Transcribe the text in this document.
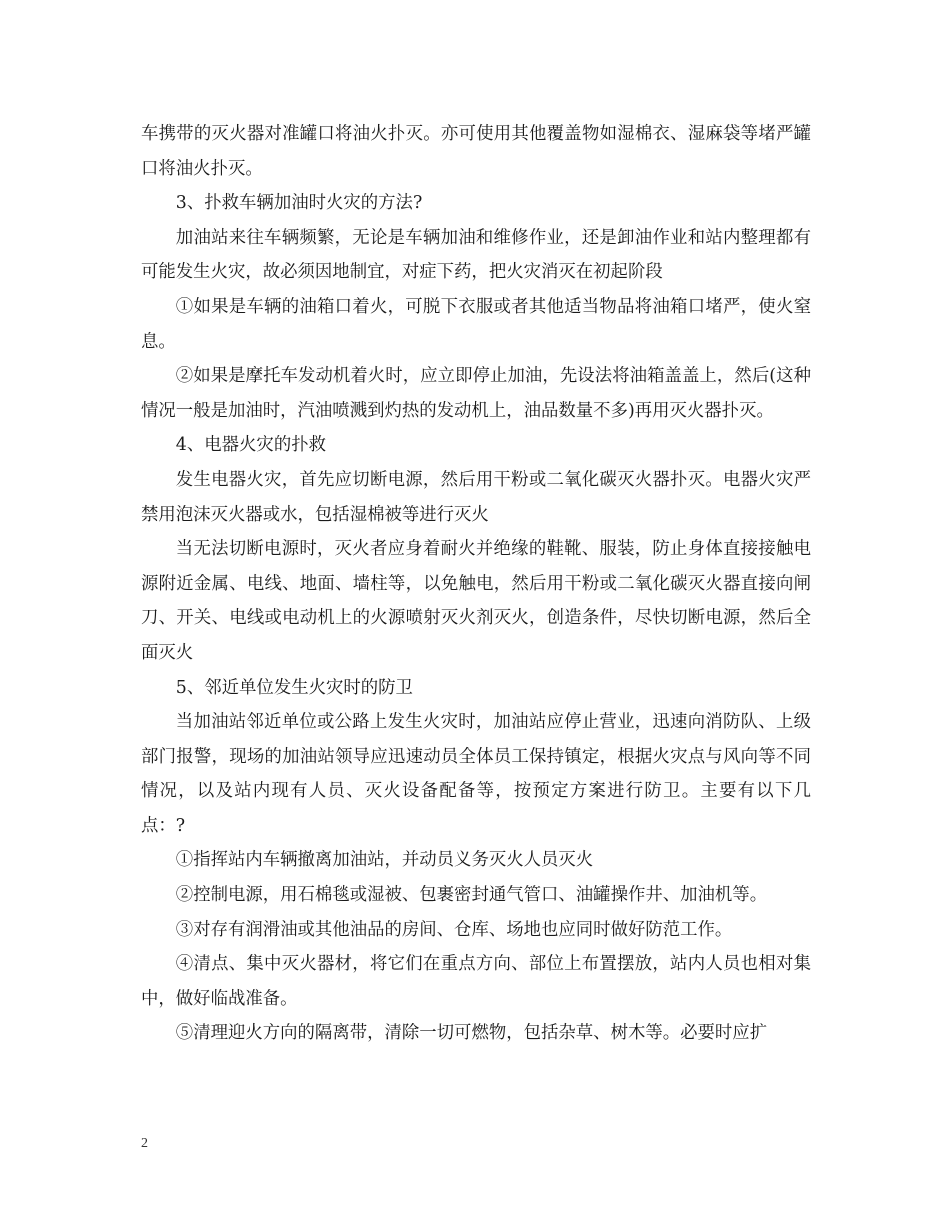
车携带的灭火器对准罐口将油火扑灭。亦可使用其他覆盖物如湿棉衣、湿麻袋等堵严罐口将油火扑灭。

3、扑救车辆加油时火灾的方法?

加油站来往车辆频繁，无论是车辆加油和维修作业，还是卸油作业和站内整理都有可能发生火灾，故必须因地制宜，对症下药，把火灾消灭在初起阶段

①如果是车辆的油箱口着火，可脱下衣服或者其他适当物品将油箱口堵严，使火窒息。

②如果是摩托车发动机着火时，应立即停止加油，先设法将油箱盖盖上，然后(这种情况一般是加油时，汽油喷溅到灼热的发动机上，油品数量不多)再用灭火器扑灭。

4、电器火灾的扑救

发生电器火灾，首先应切断电源，然后用干粉或二氧化碳灭火器扑灭。电器火灾严禁用泡沫灭火器或水，包括湿棉被等进行灭火

当无法切断电源时，灭火者应身着耐火并绝缘的鞋靴、服装，防止身体直接接触电源附近金属、电线、地面、墙柱等，以免触电，然后用干粉或二氧化碳灭火器直接向闸刀、开关、电线或电动机上的火源喷射灭火剂灭火，创造条件，尽快切断电源，然后全面灭火

5、邻近单位发生火灾时的防卫

当加油站邻近单位或公路上发生火灾时，加油站应停止营业，迅速向消防队、上级部门报警，现场的加油站领导应迅速动员全体员工保持镇定，根据火灾点与风向等不同情况，以及站内现有人员、灭火设备配备等，按预定方案进行防卫。主要有以下几点：?

①指挥站内车辆撤离加油站，并动员义务灭火人员灭火

②控制电源，用石棉毯或湿被、包裹密封通气管口、油罐操作井、加油机等。

③对存有润滑油或其他油品的房间、仓库、场地也应同时做好防范工作。

④清点、集中灭火器材，将它们在重点方向、部位上布置摆放，站内人员也相对集中，做好临战准备。

⑤清理迎火方向的隔离带，清除一切可燃物，包括杂草、树木等。必要时应扩

2
